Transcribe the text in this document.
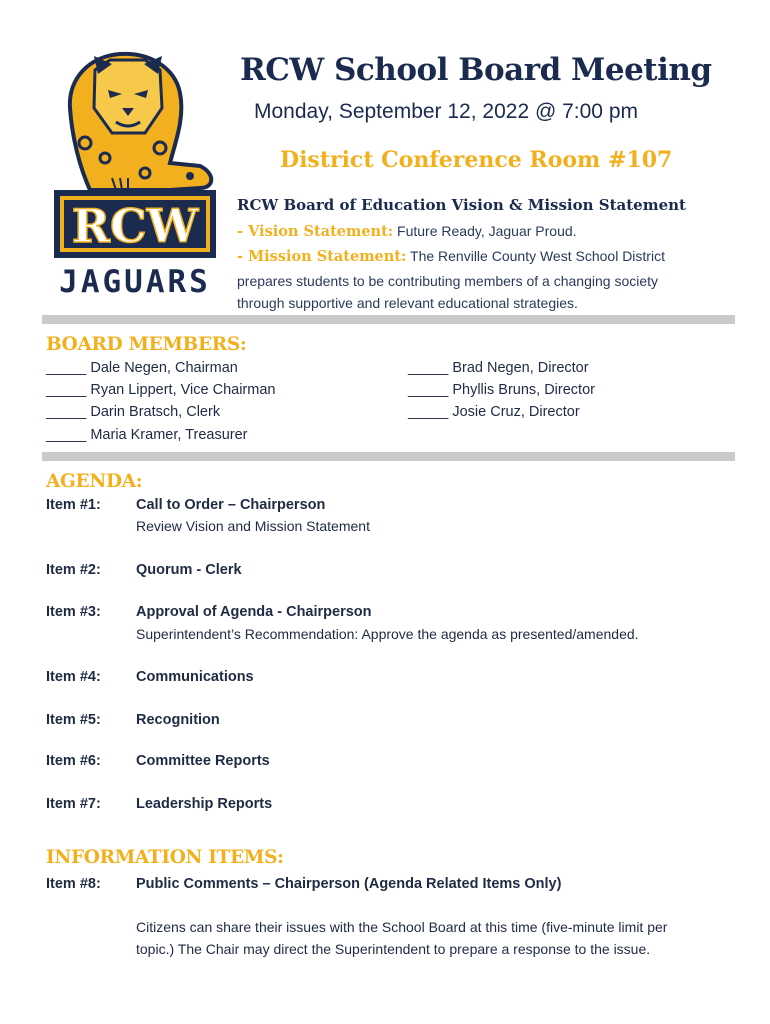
RCW
JAGUARS
RCW School Board Meeting
Monday, September 12, 2022 @ 7:00 pm
District Conference Room #107
RCW Board of Education Vision & Mission Statement
- Vision Statement: Future Ready, Jaguar Proud.
- Mission Statement: The Renville County West School District
prepares students to be contributing members of a changing society
through supportive and relevant educational strategies.
BOARD MEMBERS:
_____ Dale Negen, Chairman
_____ Ryan Lippert, Vice Chairman
_____ Darin Bratsch, Clerk
_____ Maria Kramer, Treasurer
_____ Brad Negen, Director
_____ Phyllis Bruns, Director
_____ Josie Cruz, Director
AGENDA:
Item #1: Call to Order – Chairperson
Review Vision and Mission Statement
Item #2: Quorum - Clerk
Item #3: Approval of Agenda - Chairperson
Superintendent’s Recommendation: Approve the agenda as presented/amended.
Item #4: Communications
Item #5: Recognition
Item #6: Committee Reports
Item #7: Leadership Reports
INFORMATION ITEMS:
Item #8: Public Comments – Chairperson (Agenda Related Items Only)
Citizens can share their issues with the School Board at this time (five-minute limit per
topic.) The Chair may direct the Superintendent to prepare a response to the issue.
